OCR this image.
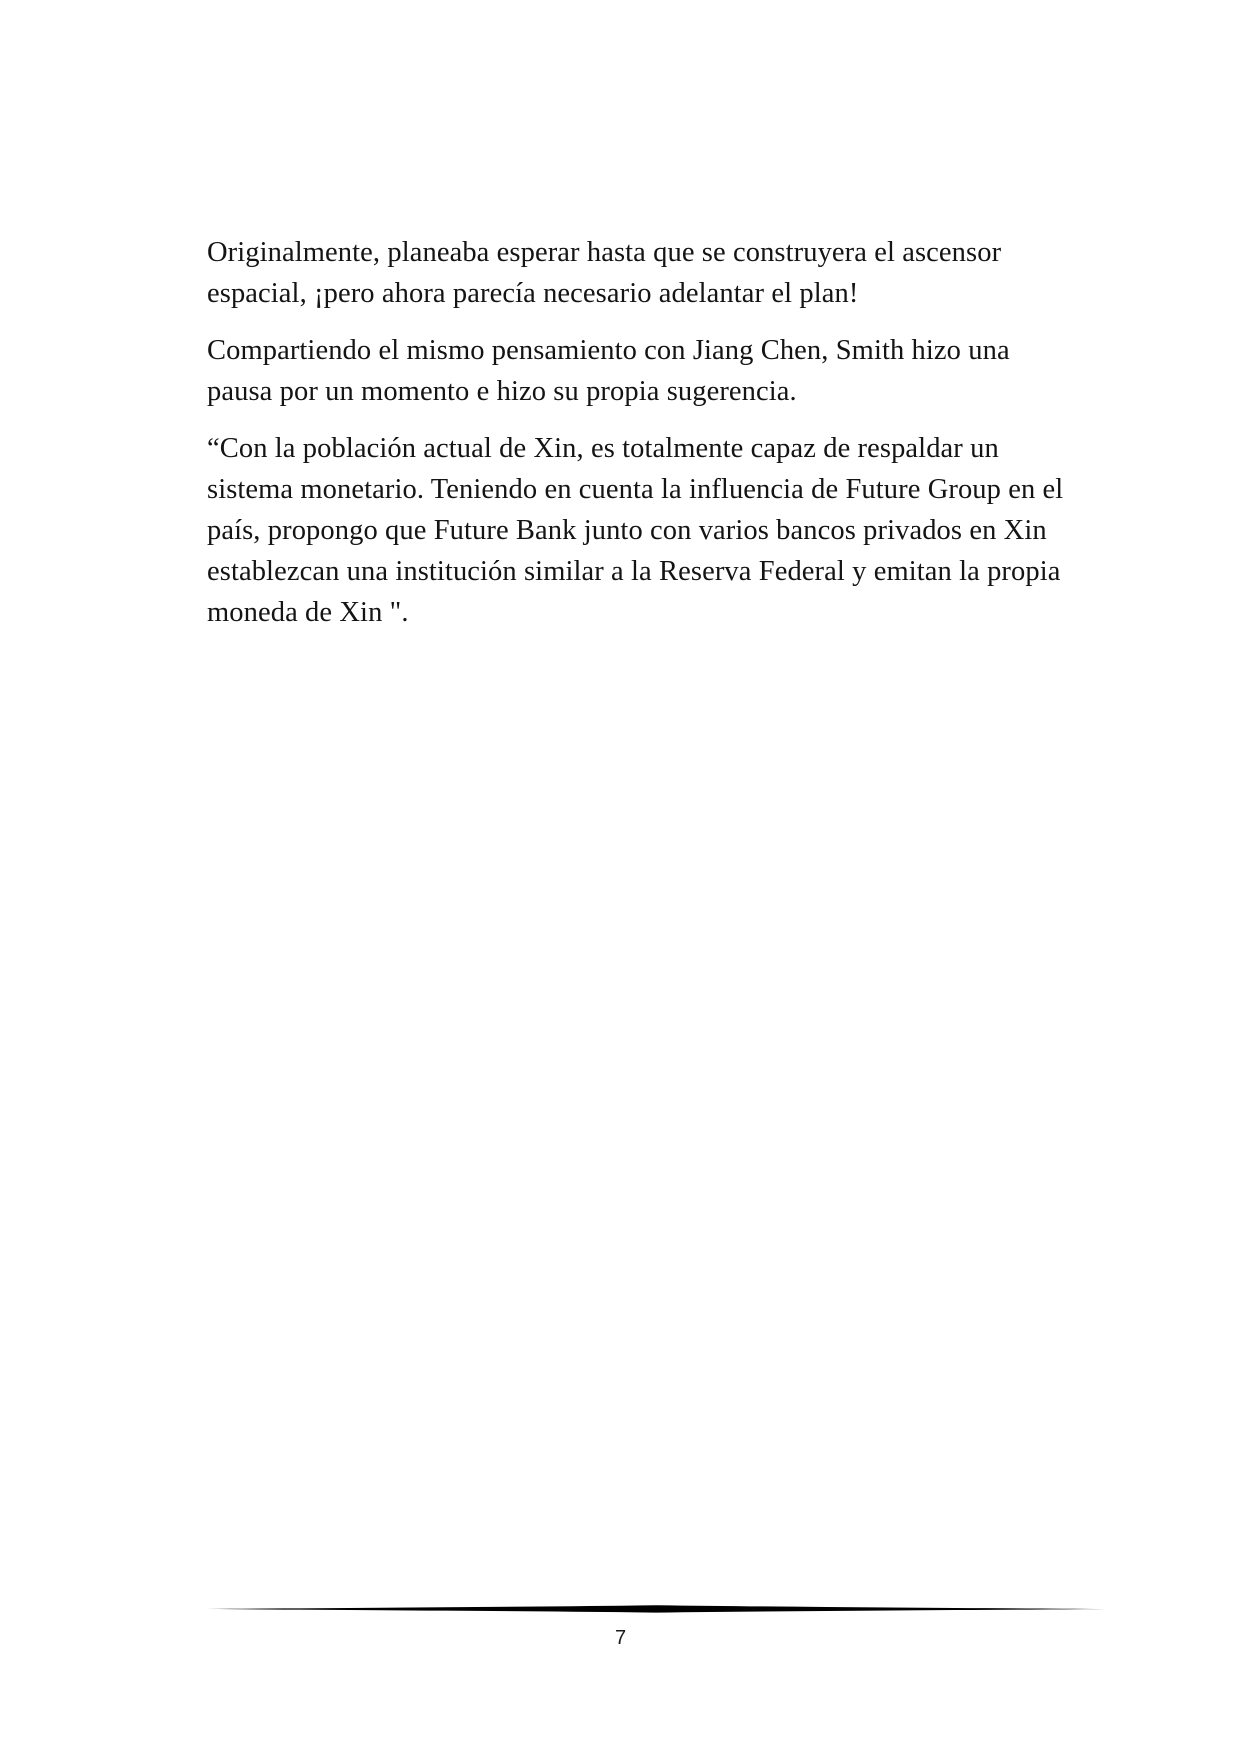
Originalmente, planeaba esperar hasta que se construyera el ascensor espacial, ¡pero ahora parecía necesario adelantar el plan!

Compartiendo el mismo pensamiento con Jiang Chen, Smith hizo una pausa por un momento e hizo su propia sugerencia.

“Con la población actual de Xin, es totalmente capaz de respaldar un sistema monetario. Teniendo en cuenta la influencia de Future Group en el país, propongo que Future Bank junto con varios bancos privados en Xin establezcan una institución similar a la Reserva Federal y emitan la propia moneda de Xin ".

7
